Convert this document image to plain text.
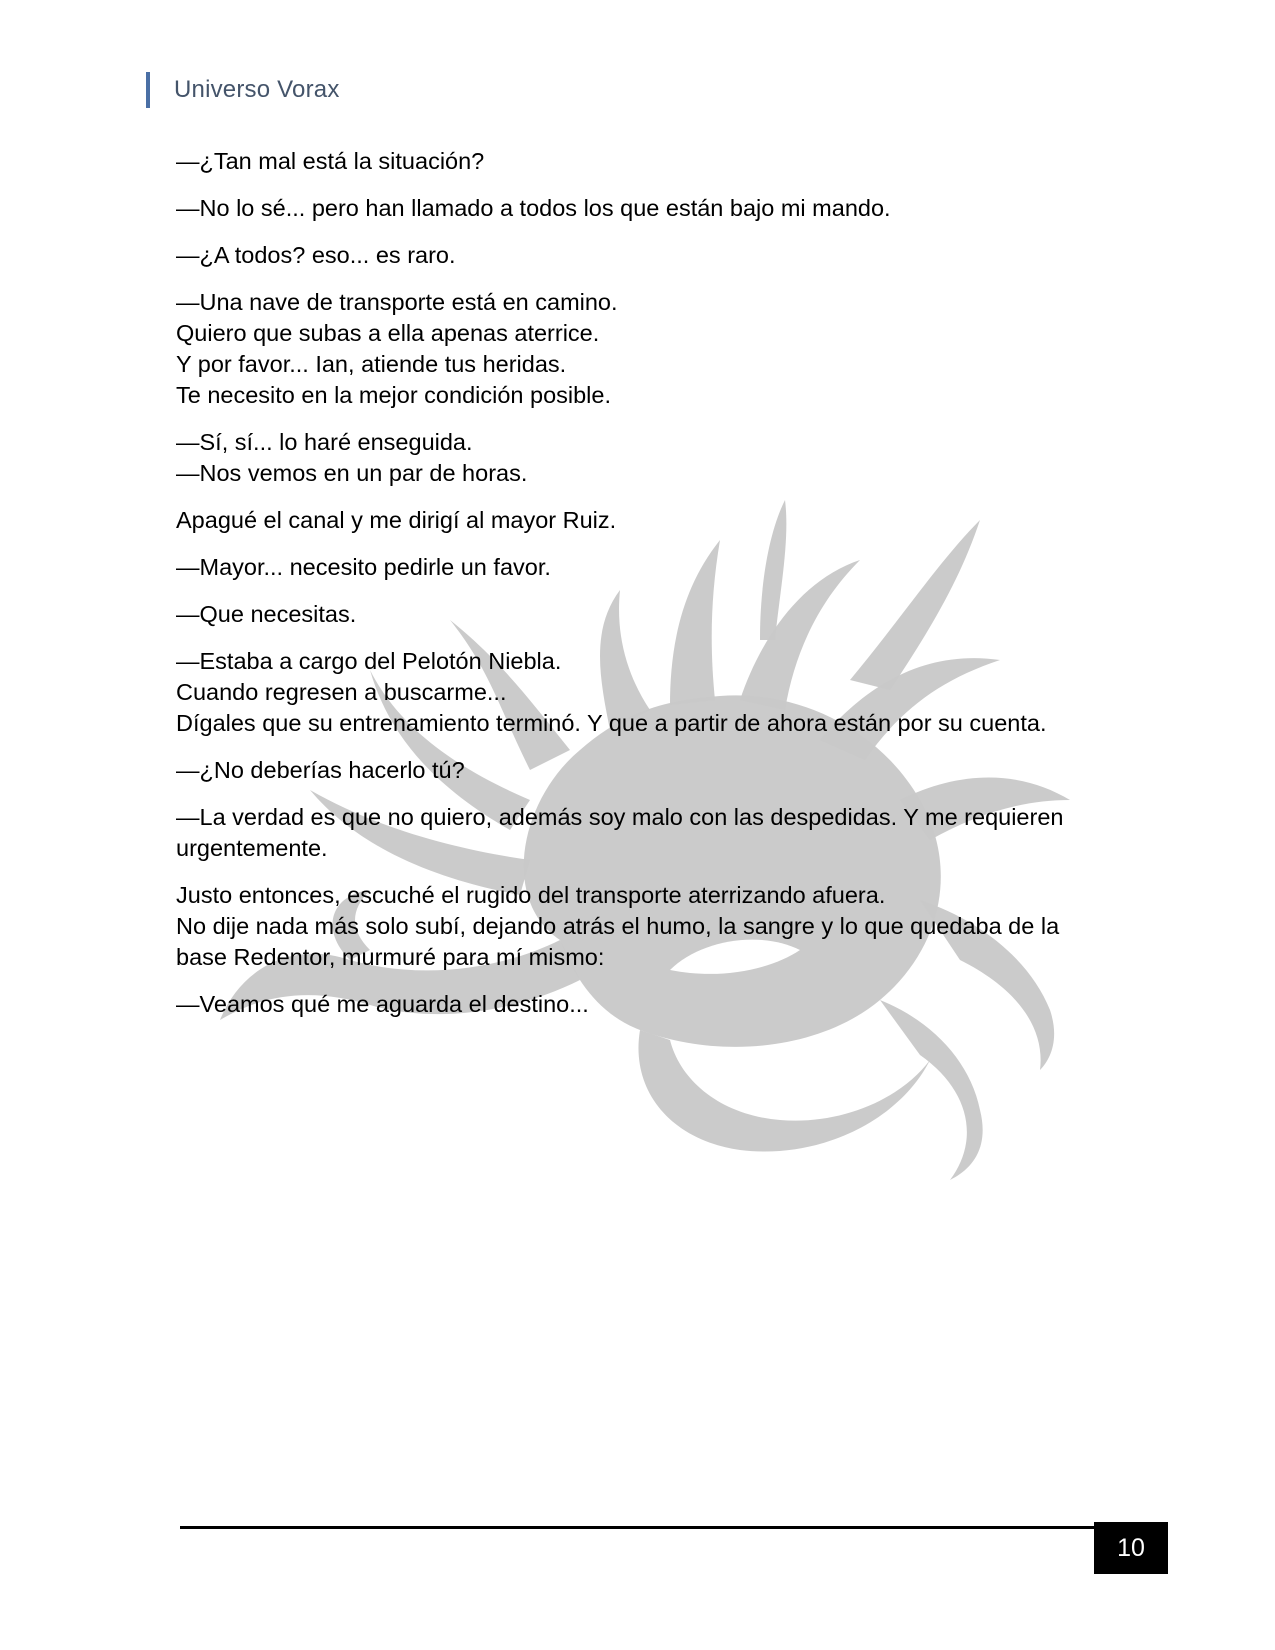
Universo Vorax

—¿Tan mal está la situación?

—No lo sé... pero han llamado a todos los que están bajo mi mando.

—¿A todos? eso... es raro.

—Una nave de transporte está en camino.
Quiero que subas a ella apenas aterrice.
Y por favor... Ian, atiende tus heridas.
Te necesito en la mejor condición posible.

—Sí, sí... lo haré enseguida.
—Nos vemos en un par de horas.

Apagué el canal y me dirigí al mayor Ruiz.

—Mayor... necesito pedirle un favor.

—Que necesitas.

—Estaba a cargo del Pelotón Niebla.
Cuando regresen a buscarme...
Dígales que su entrenamiento terminó. Y que a partir de ahora están por su cuenta.

—¿No deberías hacerlo tú?

—La verdad es que no quiero, además soy malo con las despedidas. Y me requieren urgentemente.

Justo entonces, escuché el rugido del transporte aterrizando afuera.
No dije nada más solo subí, dejando atrás el humo, la sangre y lo que quedaba de la base Redentor, murmuré para mí mismo:

—Veamos qué me aguarda el destino...

10
